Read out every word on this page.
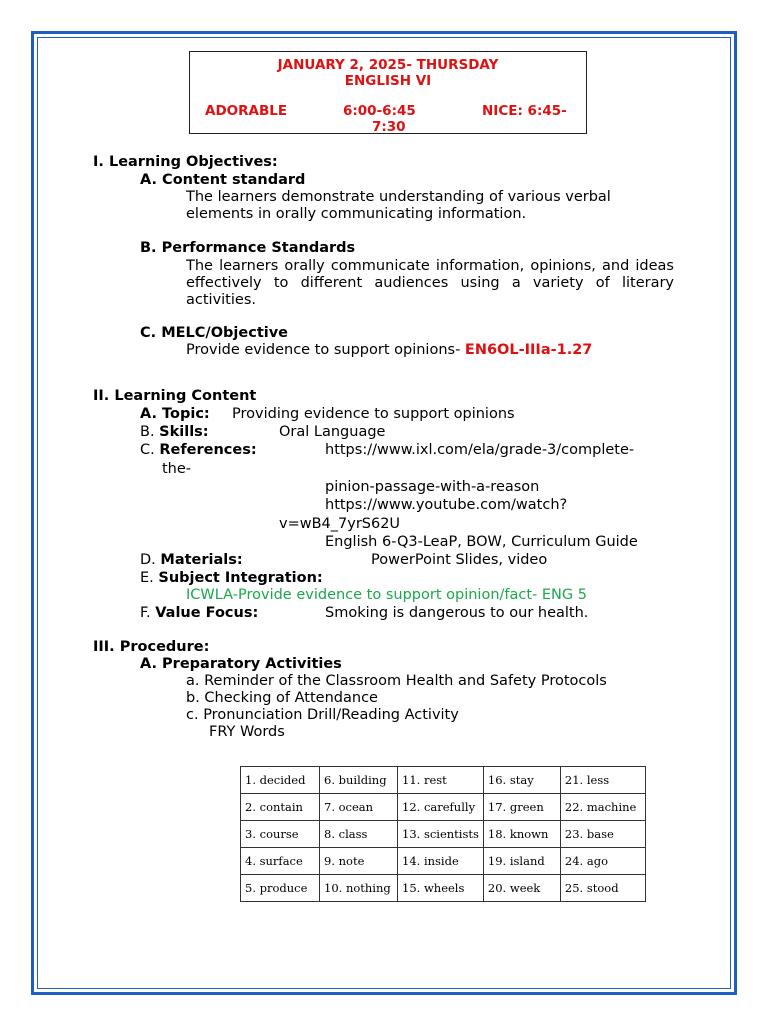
JANUARY 2, 2025- THURSDAY
ENGLISH VI
ADORABLE	6:00-6:45	NICE: 6:45-
7:30
I. Learning Objectives:
A. Content standard
The learners demonstrate understanding of various verbal
elements in orally communicating information.
B. Performance Standards
The learners orally communicate information, opinions, and ideas effectively to different audiences using a variety of literary activities.
C. MELC/Objective
Provide evidence to support opinions- EN6OL-IIIa-1.27
II. Learning Content
A. Topic: Providing evidence to support opinions
B. Skills:	Oral Language
C. References:	https://www.ixl.com/ela/grade-3/complete-
the-
pinion-passage-with-a-reason
https://www.youtube.com/watch?
v=wB4_7yrS62U
English 6-Q3-LeaP, BOW, Curriculum Guide
D. Materials:	PowerPoint Slides, video
E. Subject Integration:
ICWLA-Provide evidence to support opinion/fact- ENG 5
F. Value Focus:	Smoking is dangerous to our health.
III. Procedure:
A. Preparatory Activities
a. Reminder of the Classroom Health and Safety Protocols
b. Checking of Attendance
c. Pronunciation Drill/Reading Activity
FRY Words
1. decided	6. building	11. rest	16. stay	21. less
2. contain	7. ocean	12. carefully	17. green	22. machine
3. course	8. class	13. scientists	18. known	23. base
4. surface	9. note	14. inside	19. island	24. ago
5. produce	10. nothing	15. wheels	20. week	25. stood
